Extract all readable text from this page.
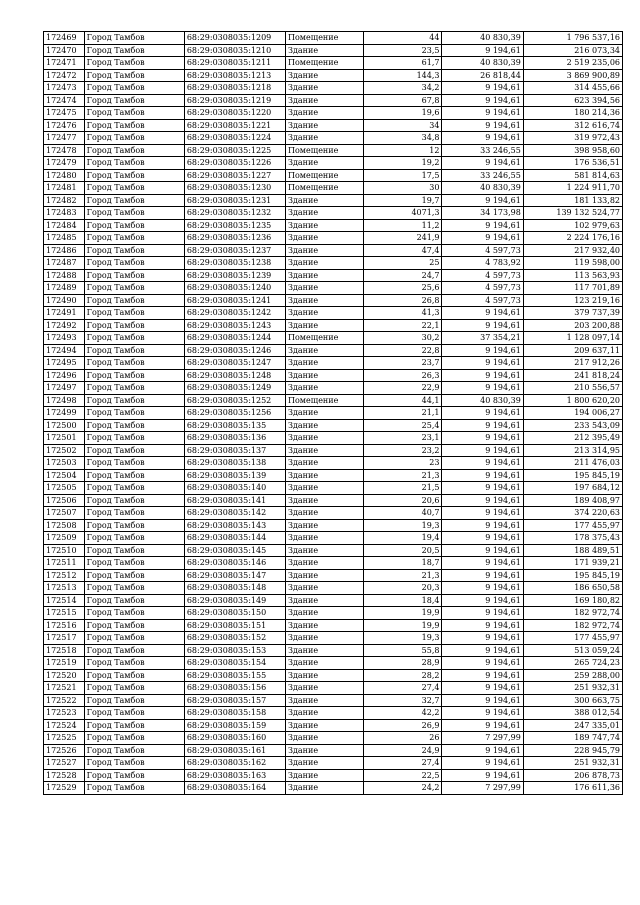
172469	Город Тамбов	68:29:0308035:1209	Помещение	44	40 830,39	1 796 537,16
172470	Город Тамбов	68:29:0308035:1210	Здание	23,5	9 194,61	216 073,34
172471	Город Тамбов	68:29:0308035:1211	Помещение	61,7	40 830,39	2 519 235,06
172472	Город Тамбов	68:29:0308035:1213	Здание	144,3	26 818,44	3 869 900,89
172473	Город Тамбов	68:29:0308035:1218	Здание	34,2	9 194,61	314 455,66
172474	Город Тамбов	68:29:0308035:1219	Здание	67,8	9 194,61	623 394,56
172475	Город Тамбов	68:29:0308035:1220	Здание	19,6	9 194,61	180 214,36
172476	Город Тамбов	68:29:0308035:1221	Здание	34	9 194,61	312 616,74
172477	Город Тамбов	68:29:0308035:1224	Здание	34,8	9 194,61	319 972,43
172478	Город Тамбов	68:29:0308035:1225	Помещение	12	33 246,55	398 958,60
172479	Город Тамбов	68:29:0308035:1226	Здание	19,2	9 194,61	176 536,51
172480	Город Тамбов	68:29:0308035:1227	Помещение	17,5	33 246,55	581 814,63
172481	Город Тамбов	68:29:0308035:1230	Помещение	30	40 830,39	1 224 911,70
172482	Город Тамбов	68:29:0308035:1231	Здание	19,7	9 194,61	181 133,82
172483	Город Тамбов	68:29:0308035:1232	Здание	4071,3	34 173,98	139 132 524,77
172484	Город Тамбов	68:29:0308035:1235	Здание	11,2	9 194,61	102 979,63
172485	Город Тамбов	68:29:0308035:1236	Здание	241,9	9 194,61	2 224 176,16
172486	Город Тамбов	68:29:0308035:1237	Здание	47,4	4 597,73	217 932,40
172487	Город Тамбов	68:29:0308035:1238	Здание	25	4 783,92	119 598,00
172488	Город Тамбов	68:29:0308035:1239	Здание	24,7	4 597,73	113 563,93
172489	Город Тамбов	68:29:0308035:1240	Здание	25,6	4 597,73	117 701,89
172490	Город Тамбов	68:29:0308035:1241	Здание	26,8	4 597,73	123 219,16
172491	Город Тамбов	68:29:0308035:1242	Здание	41,3	9 194,61	379 737,39
172492	Город Тамбов	68:29:0308035:1243	Здание	22,1	9 194,61	203 200,88
172493	Город Тамбов	68:29:0308035:1244	Помещение	30,2	37 354,21	1 128 097,14
172494	Город Тамбов	68:29:0308035:1246	Здание	22,8	9 194,61	209 637,11
172495	Город Тамбов	68:29:0308035:1247	Здание	23,7	9 194,61	217 912,26
172496	Город Тамбов	68:29:0308035:1248	Здание	26,3	9 194,61	241 818,24
172497	Город Тамбов	68:29:0308035:1249	Здание	22,9	9 194,61	210 556,57
172498	Город Тамбов	68:29:0308035:1252	Помещение	44,1	40 830,39	1 800 620,20
172499	Город Тамбов	68:29:0308035:1256	Здание	21,1	9 194,61	194 006,27
172500	Город Тамбов	68:29:0308035:135	Здание	25,4	9 194,61	233 543,09
172501	Город Тамбов	68:29:0308035:136	Здание	23,1	9 194,61	212 395,49
172502	Город Тамбов	68:29:0308035:137	Здание	23,2	9 194,61	213 314,95
172503	Город Тамбов	68:29:0308035:138	Здание	23	9 194,61	211 476,03
172504	Город Тамбов	68:29:0308035:139	Здание	21,3	9 194,61	195 845,19
172505	Город Тамбов	68:29:0308035:140	Здание	21,5	9 194,61	197 684,12
172506	Город Тамбов	68:29:0308035:141	Здание	20,6	9 194,61	189 408,97
172507	Город Тамбов	68:29:0308035:142	Здание	40,7	9 194,61	374 220,63
172508	Город Тамбов	68:29:0308035:143	Здание	19,3	9 194,61	177 455,97
172509	Город Тамбов	68:29:0308035:144	Здание	19,4	9 194,61	178 375,43
172510	Город Тамбов	68:29:0308035:145	Здание	20,5	9 194,61	188 489,51
172511	Город Тамбов	68:29:0308035:146	Здание	18,7	9 194,61	171 939,21
172512	Город Тамбов	68:29:0308035:147	Здание	21,3	9 194,61	195 845,19
172513	Город Тамбов	68:29:0308035:148	Здание	20,3	9 194,61	186 650,58
172514	Город Тамбов	68:29:0308035:149	Здание	18,4	9 194,61	169 180,82
172515	Город Тамбов	68:29:0308035:150	Здание	19,9	9 194,61	182 972,74
172516	Город Тамбов	68:29:0308035:151	Здание	19,9	9 194,61	182 972,74
172517	Город Тамбов	68:29:0308035:152	Здание	19,3	9 194,61	177 455,97
172518	Город Тамбов	68:29:0308035:153	Здание	55,8	9 194,61	513 059,24
172519	Город Тамбов	68:29:0308035:154	Здание	28,9	9 194,61	265 724,23
172520	Город Тамбов	68:29:0308035:155	Здание	28,2	9 194,61	259 288,00
172521	Город Тамбов	68:29:0308035:156	Здание	27,4	9 194,61	251 932,31
172522	Город Тамбов	68:29:0308035:157	Здание	32,7	9 194,61	300 663,75
172523	Город Тамбов	68:29:0308035:158	Здание	42,2	9 194,61	388 012,54
172524	Город Тамбов	68:29:0308035:159	Здание	26,9	9 194,61	247 335,01
172525	Город Тамбов	68:29:0308035:160	Здание	26	7 297,99	189 747,74
172526	Город Тамбов	68:29:0308035:161	Здание	24,9	9 194,61	228 945,79
172527	Город Тамбов	68:29:0308035:162	Здание	27,4	9 194,61	251 932,31
172528	Город Тамбов	68:29:0308035:163	Здание	22,5	9 194,61	206 878,73
172529	Город Тамбов	68:29:0308035:164	Здание	24,2	7 297,99	176 611,36
